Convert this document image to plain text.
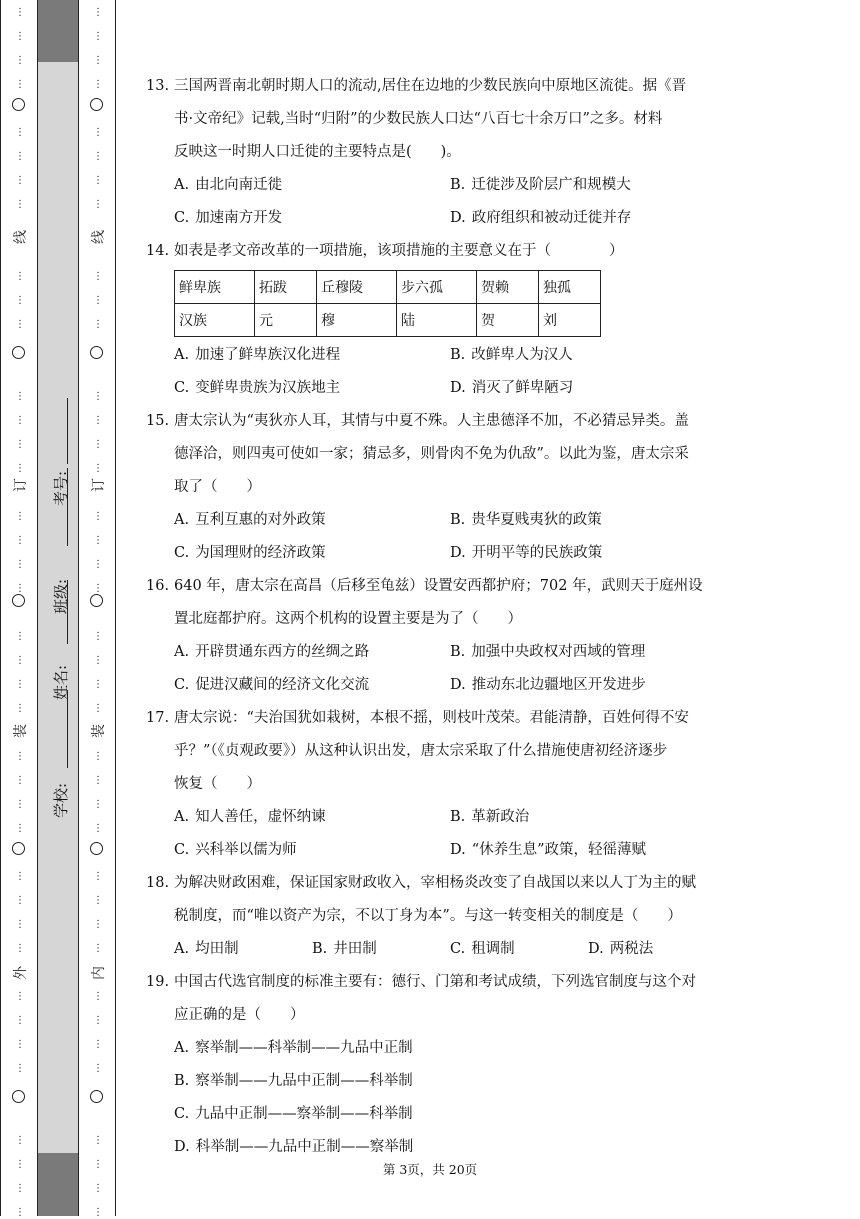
⋮
⋮
⋮
⋮
⋮
⋮
⋮
⋮
⋮
⋮
⋮
⋮
⋮
⋮
⋮
⋮
⋮
⋮
⋮
⋮
⋮
⋮
⋮
⋮
⋮
⋮
⋮
⋮
⋮
⋮
⋮
⋮
⋮
⋮
⋮
⋮
⋮
⋮
⋮
线
订
装
外
⋮
⋮
⋮
⋮
⋮
⋮
⋮
⋮
⋮
⋮
⋮
⋮
⋮
⋮
⋮
⋮
⋮
⋮
⋮
⋮
⋮
⋮
⋮
⋮
⋮
⋮
⋮
⋮
⋮
⋮
⋮
⋮
⋮
⋮
⋮
⋮
⋮
⋮
⋮
线
订
装
内
学校:
姓名:
班级:
考号:
13. 三国两晋南北朝时期人口的流动,居住在边地的少数民族向中原地区流徙。据《晋
书·文帝纪》记载,当时“归附”的少数民族人口达“八百七十余万口”之多。材料
反映这一时期人口迁徙的主要特点是(　　)。
A. 由北向南迁徙	B. 迁徙涉及阶层广和规模大
C. 加速南方开发	D. 政府组织和被动迁徙并存
14. 如表是孝文帝改革的一项措施，该项措施的主要意义在于（　　　　）
鲜卑族	拓跋	丘穆陵	步六孤	贺赖	独孤
汉族	元	穆	陆	贺	刘
A. 加速了鲜卑族汉化进程	B. 改鲜卑人为汉人
C. 变鲜卑贵族为汉族地主	D. 消灭了鲜卑陋习
15. 唐太宗认为“夷狄亦人耳，其情与中夏不殊。人主患德泽不加，不必猜忌异类。盖
德泽洽，则四夷可使如一家；猜忌多，则骨肉不免为仇敌”。以此为鉴，唐太宗采
取了（　　）
A. 互利互惠的对外政策	B. 贵华夏贱夷狄的政策
C. 为国理财的经济政策	D. 开明平等的民族政策
16. 640 年，唐太宗在高昌（后移至龟兹）设置安西都护府；702 年，武则天于庭州设
置北庭都护府。这两个机构的设置主要是为了（　　）
A. 开辟贯通东西方的丝绸之路	B. 加强中央政权对西域的管理
C. 促进汉藏间的经济文化交流	D. 推动东北边疆地区开发进步
17. 唐太宗说：“夫治国犹如栽树，本根不摇，则枝叶茂荣。君能清静，百姓何得不安
乎？”（《贞观政要》）从这种认识出发，唐太宗采取了什么措施使唐初经济逐步
恢复（　　）
A. 知人善任，虚怀纳谏	B. 革新政治
C. 兴科举以儒为师	D. “休养生息”政策，轻徭薄赋
18. 为解决财政困难，保证国家财政收入，宰相杨炎改变了自战国以来以人丁为主的赋
税制度，而“唯以资产为宗，不以丁身为本”。与这一转变相关的制度是（　　）
A. 均田制	B. 井田制	C. 租调制	D. 两税法
19. 中国古代选官制度的标准主要有：德行、门第和考试成绩，下列选官制度与这个对
应正确的是（　　）
A. 察举制——科举制——九品中正制
B. 察举制——九品中正制——科举制
C. 九品中正制——察举制——科举制
D. 科举制——九品中正制——察举制
第 3页，共 20页
